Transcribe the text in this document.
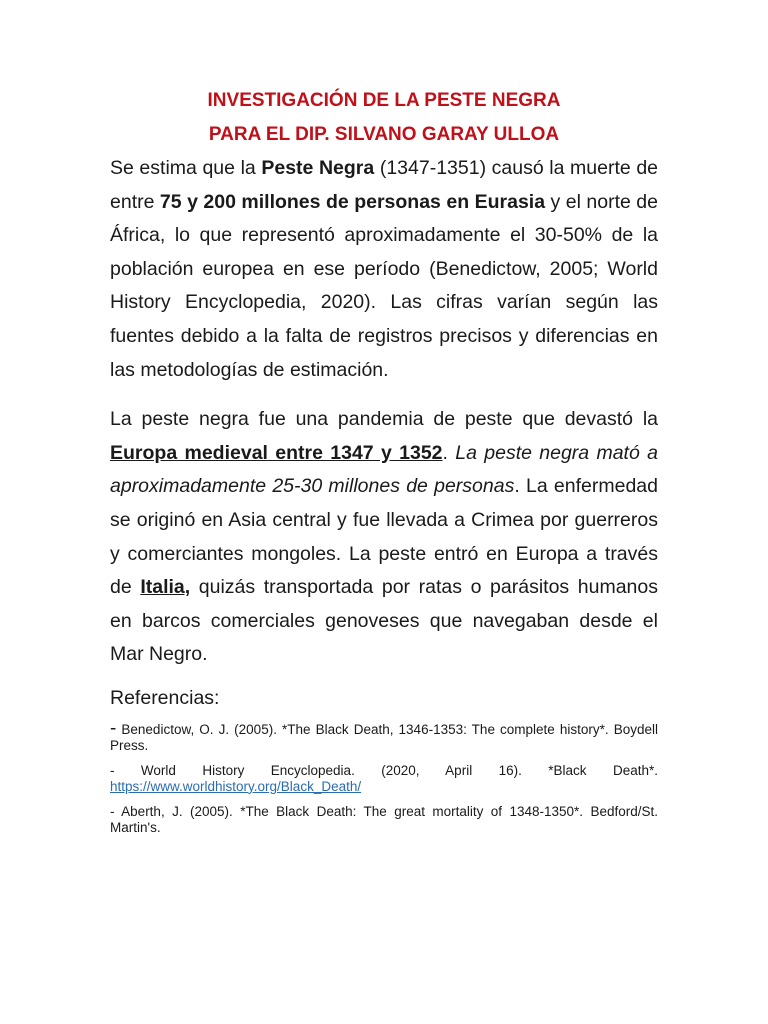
INVESTIGACIÓN DE LA PESTE NEGRA
PARA EL DIP. SILVANO GARAY ULLOA

Se estima que la Peste Negra (1347-1351) causó la muerte de entre 75 y 200 millones de personas en Eurasia y el norte de África, lo que representó aproximadamente el 30-50% de la población europea en ese período (Benedictow, 2005; World History Encyclopedia, 2020). Las cifras varían según las fuentes debido a la falta de registros precisos y diferencias en las metodologías de estimación.

La peste negra fue una pandemia de peste que devastó la Europa medieval entre 1347 y 1352. La peste negra mató a aproximadamente 25-30 millones de personas. La enfermedad se originó en Asia central y fue llevada a Crimea por guerreros y comerciantes mongoles. La peste entró en Europa a través de Italia, quizás transportada por ratas o parásitos humanos en barcos comerciales genoveses que navegaban desde el Mar Negro.

Referencias:

- Benedictow, O. J. (2005). *The Black Death, 1346-1353: The complete history*. Boydell Press.

- World History Encyclopedia. (2020, April 16). *Black Death*. https://www.worldhistory.org/Black_Death/

- Aberth, J. (2005). *The Black Death: The great mortality of 1348-1350*. Bedford/St. Martin's.
